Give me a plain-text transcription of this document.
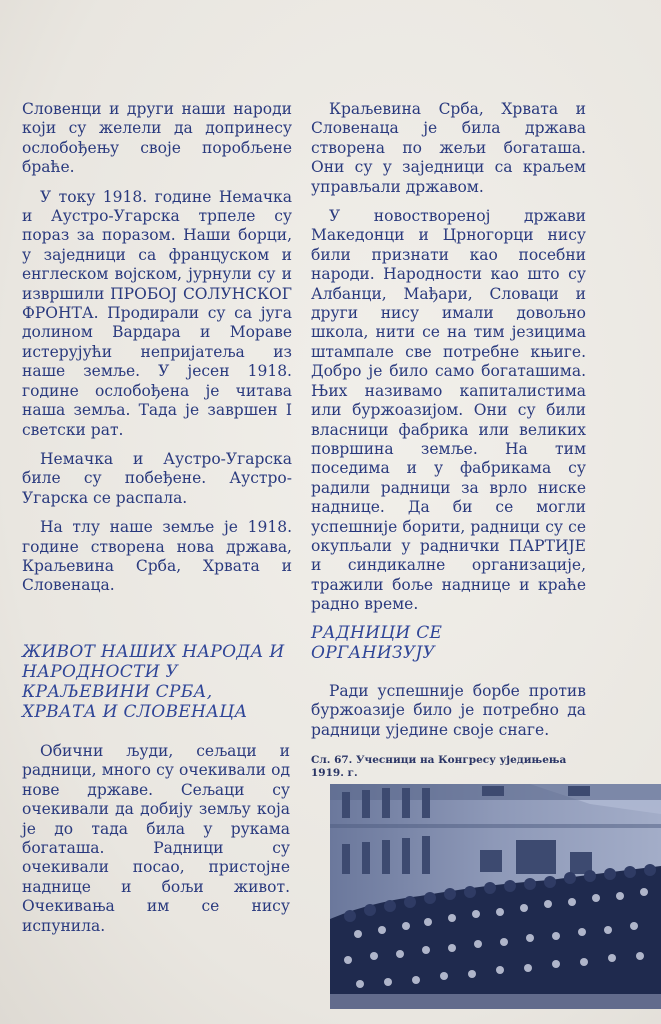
Словенци и други наши народи који су желели да допринесу ослобођењу своје поробљене браће.

У току 1918. године Немачка и Аустро-Угарска трпеле су пораз за поразом. Наши борци, у заједници са француском и енглеском војском, јурнули су и извршили ПРОБОЈ СОЛУНСКОГ ФРОНТА. Продирали су са југа долином Вардара и Мораве истерујући непријатеља из наше земље. У јесен 1918. године ослобођена је читава наша земља. Тада је завршен I светски рат.

Немачка и Аустро-Угарска биле су побеђене. Аустро-Угарска се распала.

На тлу наше земље је 1918. године створена нова држава, Краљевина Срба, Хрвата и Словенаца.

ЖИВОТ НАШИХ НАРОДА И НАРОДНОСТИ У КРАЉЕВИНИ СРБА, ХРВАТА И СЛОВЕНАЦА

Обични људи, сељаци и радници, много су очекивали од нове државе. Сељаци су очекивали да добију земљу која је до тада била у рукама богаташа. Радници су очекивали посао, пристојне наднице и бољи живот. Очекивања им се нису испунила.

Краљевина Срба, Хрвата и Словенаца је била држава створена по жељи богаташа. Они су у заједници са краљем управљали државом.

У новоствореној држави Македонци и Црногорци нису били признати као посебни народи. Народности као што су Албанци, Мађари, Словаци и други нису имали довољно школа, нити се на тим језицима штампале све потребне књиге. Добро је било само богаташима. Њих називамо капиталистима или буржоазијом. Они су били власници фабрика или великих површина земље. На тим поседима и у фабрикама су радили радници за врло ниске наднице. Да би се могли успешније борити, радници су се окупљали у раднички ПАРТИЈЕ и синдикалне организације, тражили боље наднице и краће радно време.

РАДНИЦИ СЕ ОРГАНИЗУЈУ

Ради успешније борбе против буржоазије било је потребно да радници уједине своје снаге.

Сл. 67. Учесници на Конгресу уједињења 1919. г.
